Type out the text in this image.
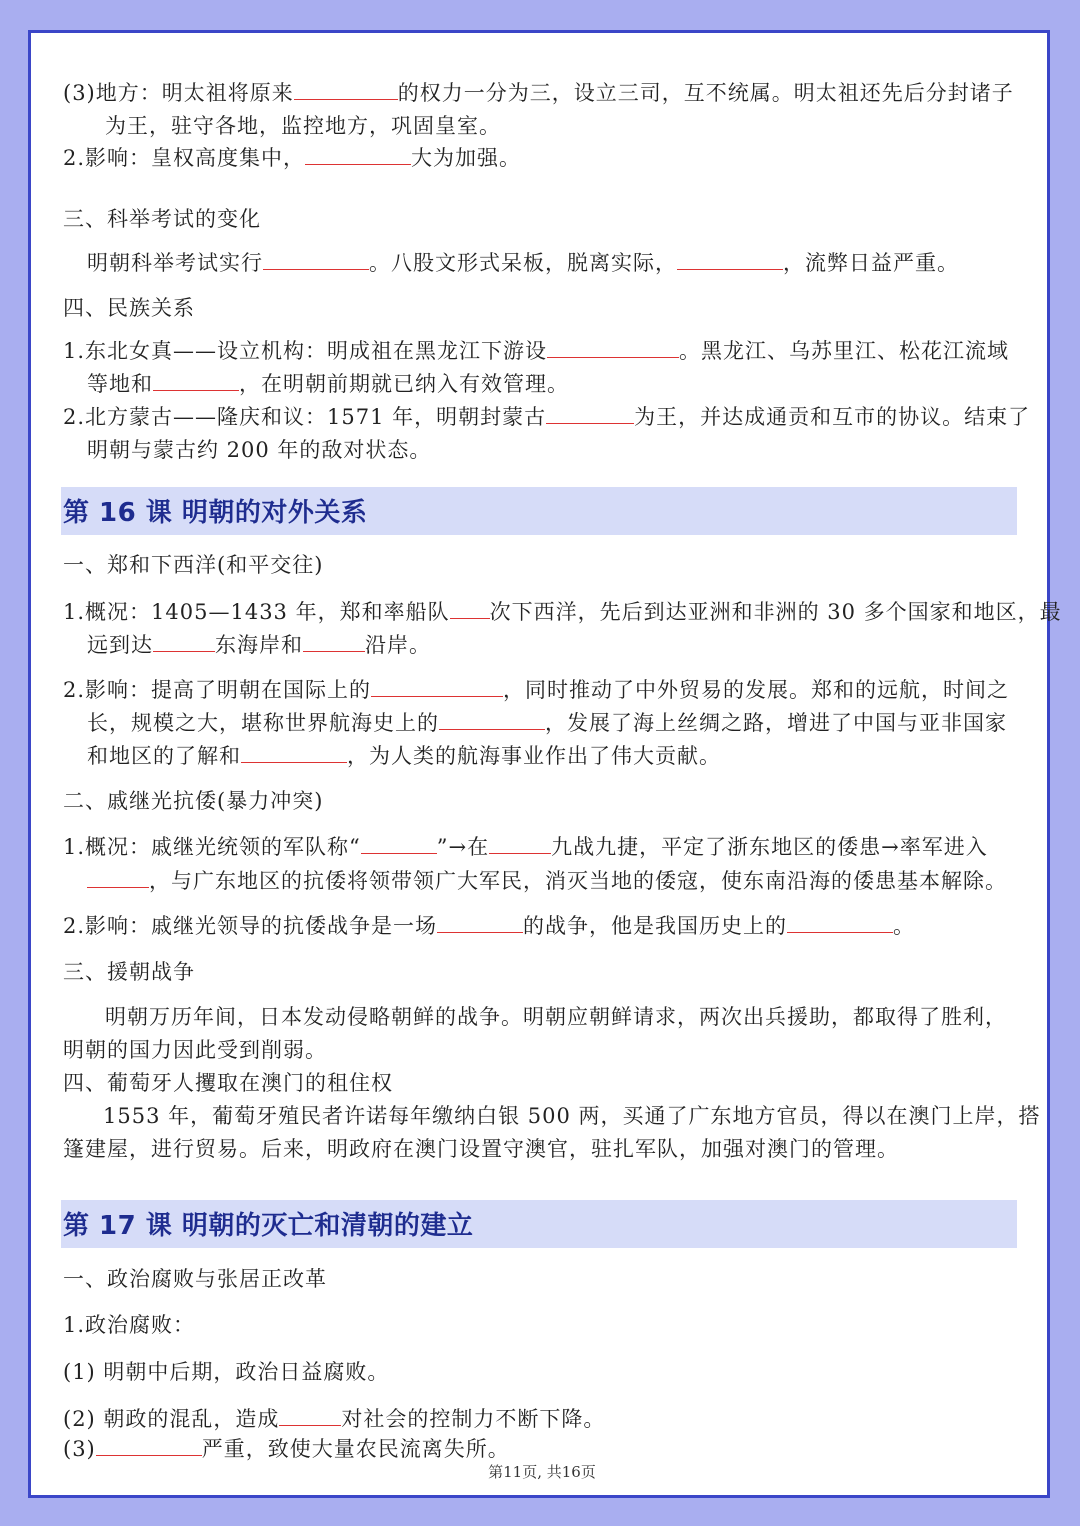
(3)地方：明太祖将原来	的权力一分为三，设立三司，互不统属。明太祖还先后分封诸子
为王，驻守各地，监控地方，巩固皇室。
2.影响：皇权高度集中，	大为加强。
三、科举考试的变化
明朝科举考试实行	。八股文形式呆板，脱离实际，	，流弊日益严重。
四、民族关系
1.东北女真——设立机构：明成祖在黑龙江下游设	。黑龙江、乌苏里江、松花江流域
等地和	，在明朝前期就已纳入有效管理。
2.北方蒙古——隆庆和议：1571 年，明朝封蒙古	为王，并达成通贡和互市的协议。结束了
明朝与蒙古约 200 年的敌对状态。
第 16 课 明朝的对外关系
一、郑和下西洋(和平交往)
1.概况：1405—1433 年，郑和率船队 次下西洋，先后到达亚洲和非洲的 30 多个国家和地区，最
远到达	东海岸和	沿岸。
2.影响：提高了明朝在国际上的	，同时推动了中外贸易的发展。郑和的远航，时间之
长，规模之大，堪称世界航海史上的	，发展了海上丝绸之路，增进了中国与亚非国家
和地区的了解和	，为人类的航海事业作出了伟大贡献。
二、戚继光抗倭(暴力冲突)
1.概况：戚继光统领的军队称“	”→在	九战九捷，平定了浙东地区的倭患→率军进入
，与广东地区的抗倭将领带领广大军民，消灭当地的倭寇，使东南沿海的倭患基本解除。
2.影响：戚继光领导的抗倭战争是一场	的战争，他是我国历史上的	。
三、援朝战争
明朝万历年间，日本发动侵略朝鲜的战争。明朝应朝鲜请求，两次出兵援助，都取得了胜利，
明朝的国力因此受到削弱。
四、葡萄牙人攫取在澳门的租住权
1553 年，葡萄牙殖民者许诺每年缴纳白银 500 两，买通了广东地方官员，得以在澳门上岸，搭
篷建屋，进行贸易。后来，明政府在澳门设置守澳官，驻扎军队，加强对澳门的管理。
第 17 课 明朝的灭亡和清朝的建立
一、政治腐败与张居正改革
1.政治腐败：
(1) 明朝中后期，政治日益腐败。
(2) 朝政的混乱，造成	对社会的控制力不断下降。
(3)	严重，致使大量农民流离失所。
第11页, 共16页
